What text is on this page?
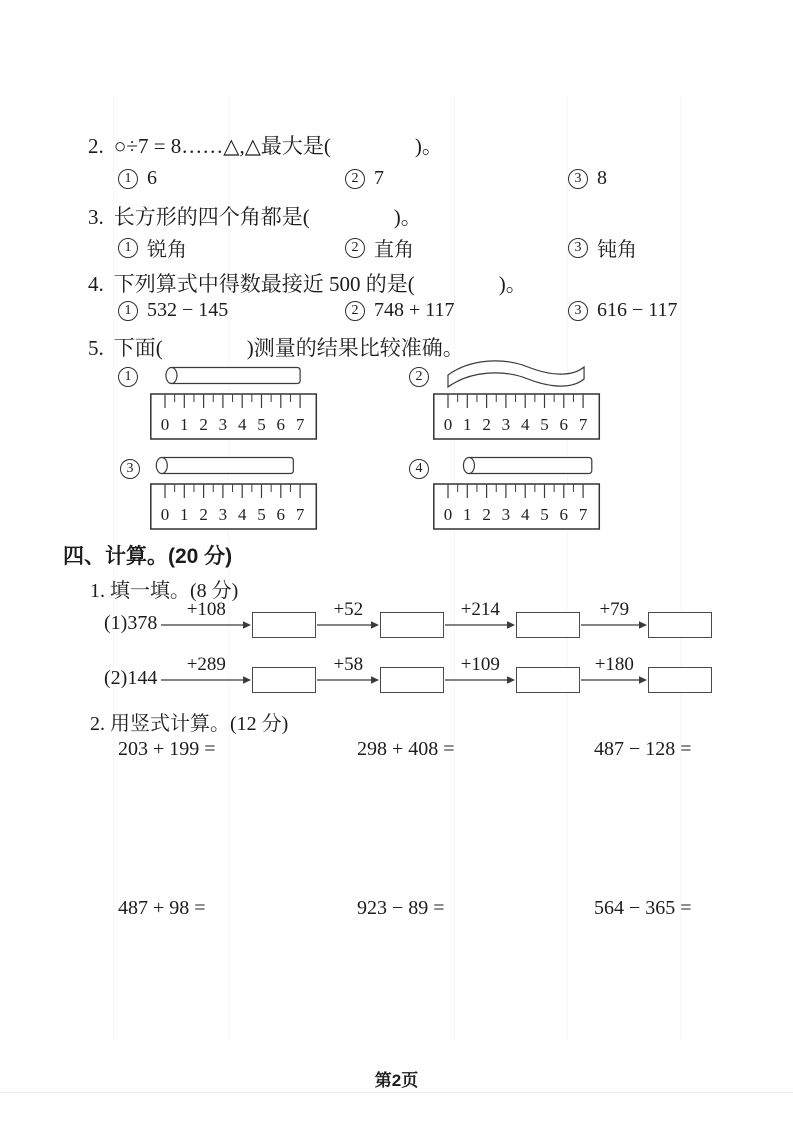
2. ○÷7 = 8……△,△最大是(                )。
1 6	2 7	3 8
3. 长方形的四个角都是(                )。
1 锐角	2 直角	3 钝角
4. 下列算式中得数最接近 500 的是(                )。
1 532 − 145	2 748 + 117	3 616 − 117
5. 下面(                )测量的结果比较准确。
1
0 1 2 3 4 5 6 7
2
0 1 2 3 4 5 6 7
3
0 1 2 3 4 5 6 7
4
0 1 2 3 4 5 6 7
四、计算。(20 分)
1. 填一填。(8 分)
(1)378
+108	+52	+214	+79
(2)144
+289	+58	+109	+180
2. 用竖式计算。(12 分)
203 + 199 =	298 + 408 =	487 − 128 =
487 + 98 =	923 − 89 =	564 − 365 =
第2页
